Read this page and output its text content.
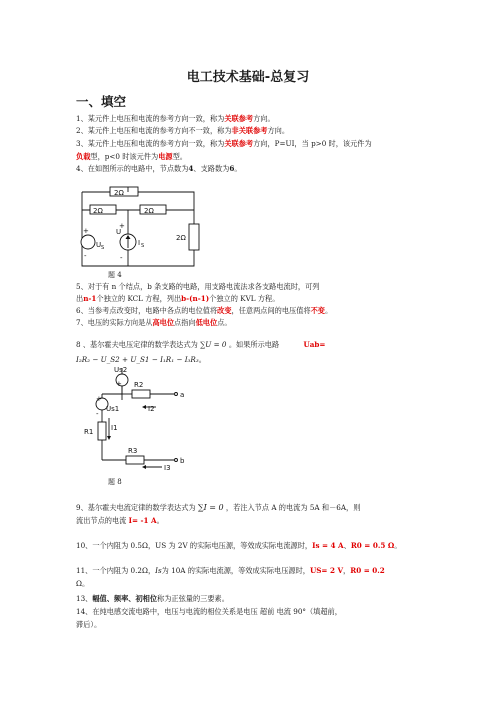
电工技术基础-总复习
一、填空
1、某元件上电压和电流的参考方向一致，称为关联参考方向。
2、某元件上电压和电流的参考方向不一致，称为非关联参考方向。
3、某元件上电压和电流的参考方向一致，称为关联参考方向，P=UI，当 p>0 时，该元件为
负载型，p<0 时该元件为电源型。
4、在如图所示的电路中，节点数为4、支路数为6。
2Ω
2Ω	2Ω
2Ω
U S
U
I S
+
-
+
-
题 4
5、对于有 n 个结点，b 条支路的电路，用支路电流法求各支路电流时，可列
出n-1个独立的 KCL 方程，列出b-(n-1)个独立的 KVL 方程。
6、当参考点改变时，电路中各点的电位值将改变，任意两点间的电压值将不变。
7、电压的实际方向是从高电位点指向低电位点。
8 、基尔霍夫电压定律的数学表达式为 ∑U = 0 。如果所示电路	Uab=
I₂R₂ − U_S2 + U_S1 − I₁R₁ − I₃R₃。
Us2
Us1
R2
R1
R3
I1
I2
I3
a
b
+
+
-
题 8
9、基尔霍夫电流定律的数学表达式为 ∑I = 0 ，若注入节点 A 的电流为 5A 和－6A，则
流出节点的电流 I= -1 A。
10、一个内阻为 0.5Ω，US 为 2V 的实际电压源，等效成实际电流源时，Is = 4 A、R0 = 0.5 Ω。
11、一个内阻为 0.2Ω，Is为 10A 的实际电流源，等效成实际电压源时，US= 2 V，R0 = 0.2
Ω。
13、幅值、频率、初相位称为正弦量的三要素。
14、在纯电感交流电路中，电压与电流的相位关系是电压 超前 电流 90°（填超前，
滞后）。
